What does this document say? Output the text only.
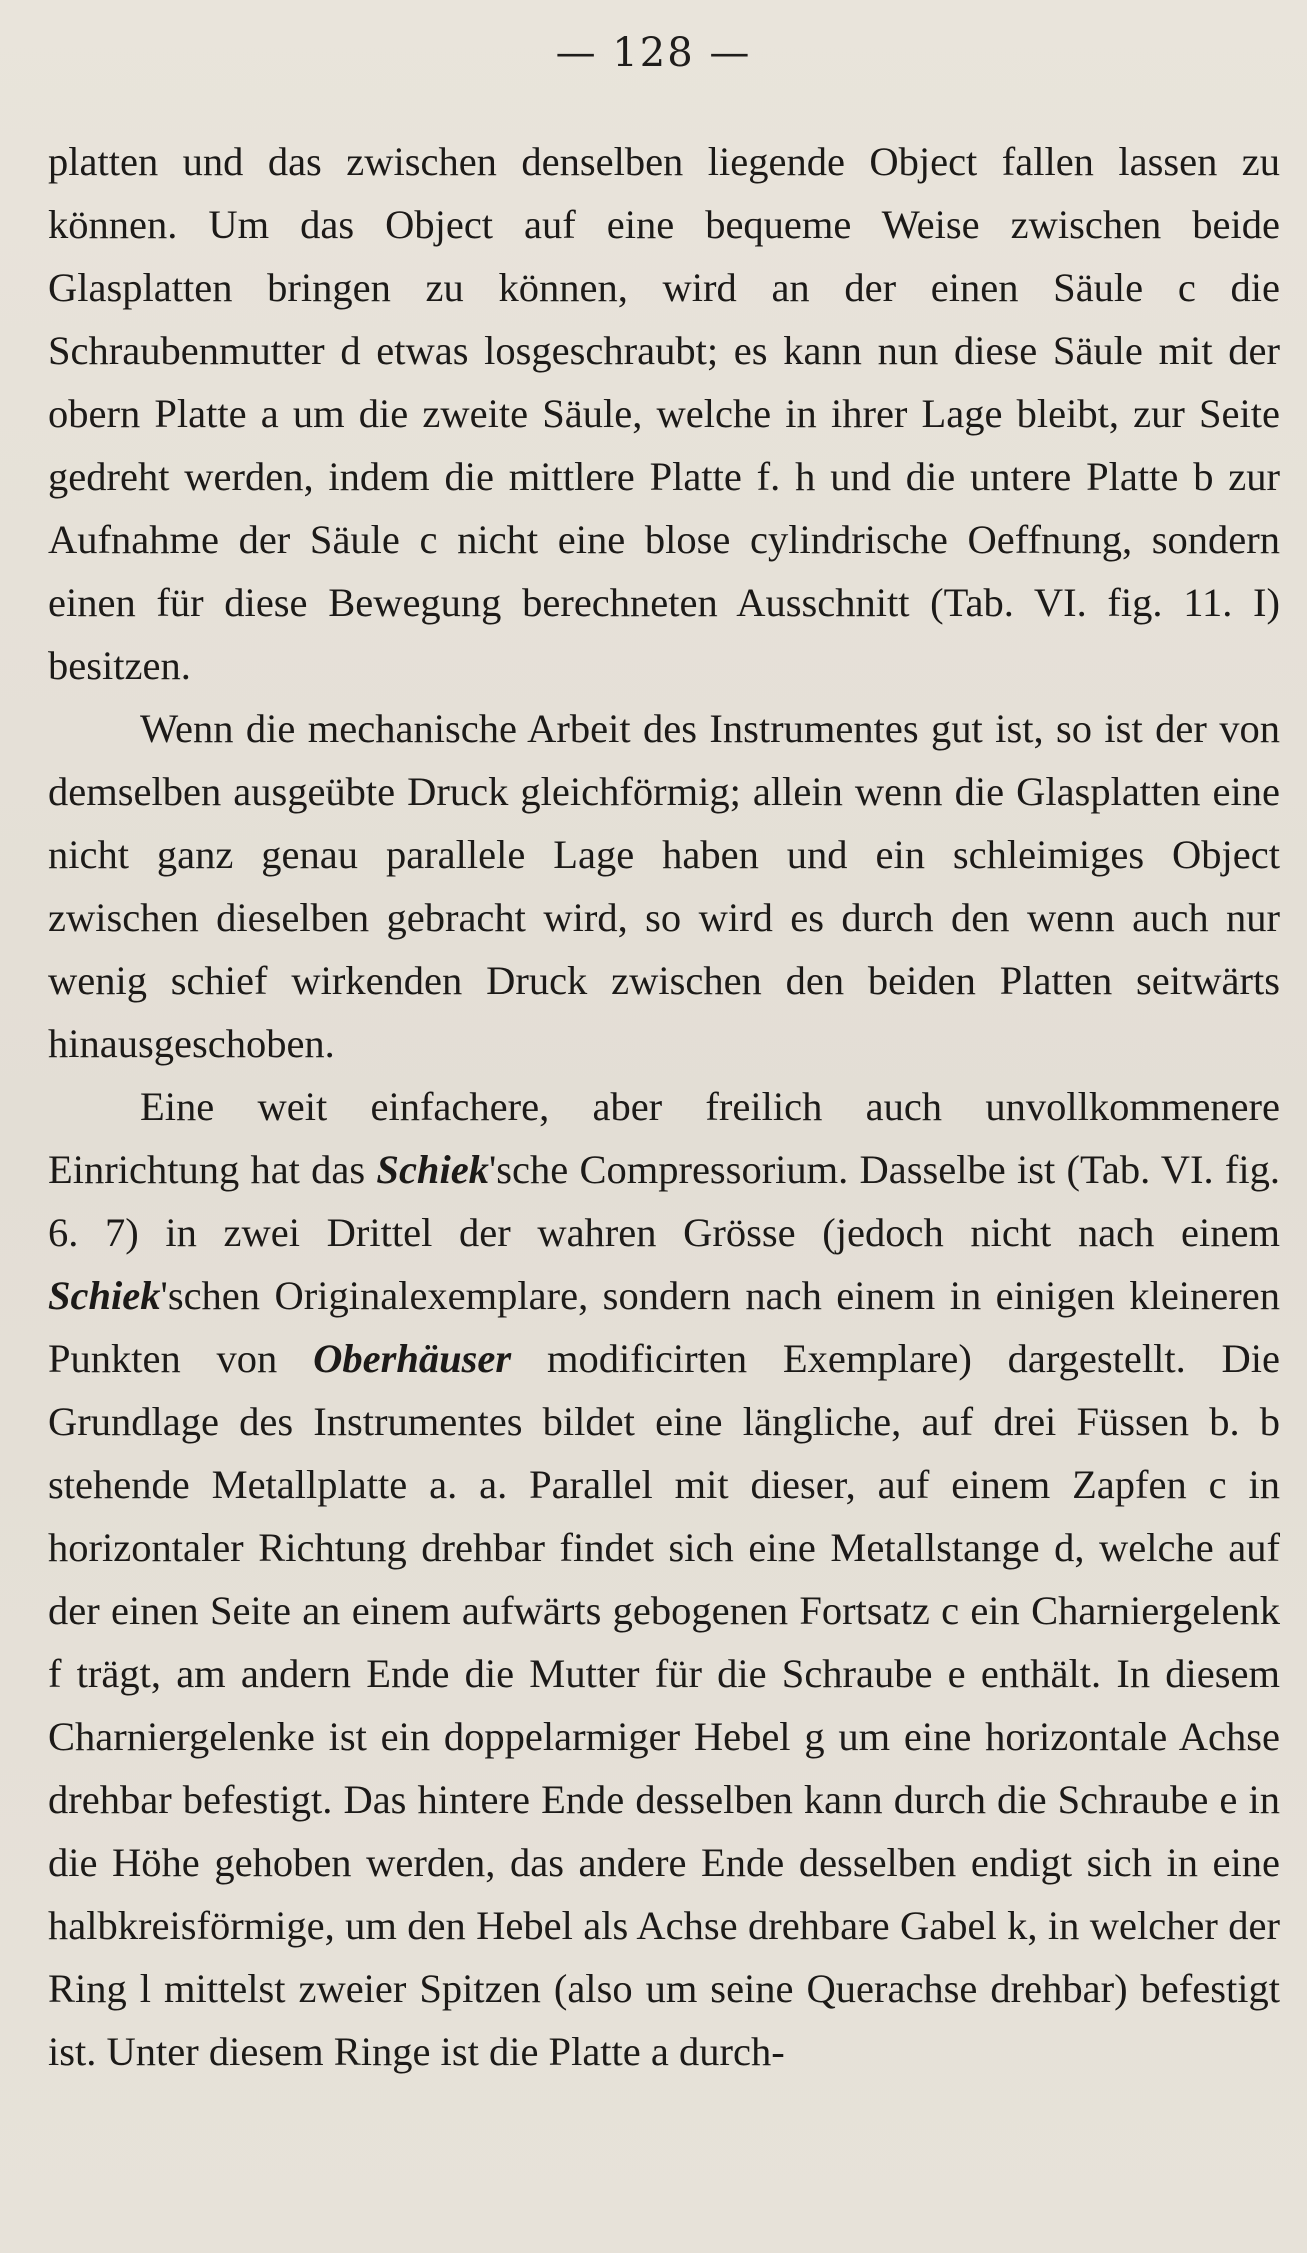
— 128 —

platten und das zwischen denselben liegende Object fallen lassen zu können. Um das Object auf eine bequeme Weise zwischen beide Glasplatten bringen zu können, wird an der einen Säule c die Schraubenmutter d etwas losgeschraubt; es kann nun diese Säule mit der obern Platte a um die zweite Säule, welche in ihrer Lage bleibt, zur Seite gedreht werden, indem die mittlere Platte f. h und die untere Platte b zur Aufnahme der Säule c nicht eine blose cylindrische Oeffnung, sondern einen für diese Bewegung berechneten Ausschnitt (Tab. VI. fig. 11. I) besitzen.

Wenn die mechanische Arbeit des Instrumentes gut ist, so ist der von demselben ausgeübte Druck gleichförmig; allein wenn die Glasplatten eine nicht ganz genau parallele Lage haben und ein schleimiges Object zwischen dieselben gebracht wird, so wird es durch den wenn auch nur wenig schief wirkenden Druck zwischen den beiden Platten seitwärts hinausgeschoben.

Eine weit einfachere, aber freilich auch unvollkommenere Einrichtung hat das Schiek'sche Compressorium. Dasselbe ist (Tab. VI. fig. 6. 7) in zwei Drittel der wahren Grösse (jedoch nicht nach einem Schiek'schen Originalexemplare, sondern nach einem in einigen kleineren Punkten von Oberhäuser modificirten Exemplare) dargestellt. Die Grundlage des Instrumentes bildet eine längliche, auf drei Füssen b. b stehende Metallplatte a. a. Parallel mit dieser, auf einem Zapfen c in horizontaler Richtung drehbar findet sich eine Metallstange d, welche auf der einen Seite an einem aufwärts gebogenen Fortsatz c ein Charniergelenk f trägt, am andern Ende die Mutter für die Schraube e enthält. In diesem Charniergelenke ist ein doppelarmiger Hebel g um eine horizontale Achse drehbar befestigt. Das hintere Ende desselben kann durch die Schraube e in die Höhe gehoben werden, das andere Ende desselben endigt sich in eine halbkreisförmige, um den Hebel als Achse drehbare Gabel k, in welcher der Ring l mittelst zweier Spitzen (also um seine Querachse drehbar) befestigt ist. Unter diesem Ringe ist die Platte a durch-
